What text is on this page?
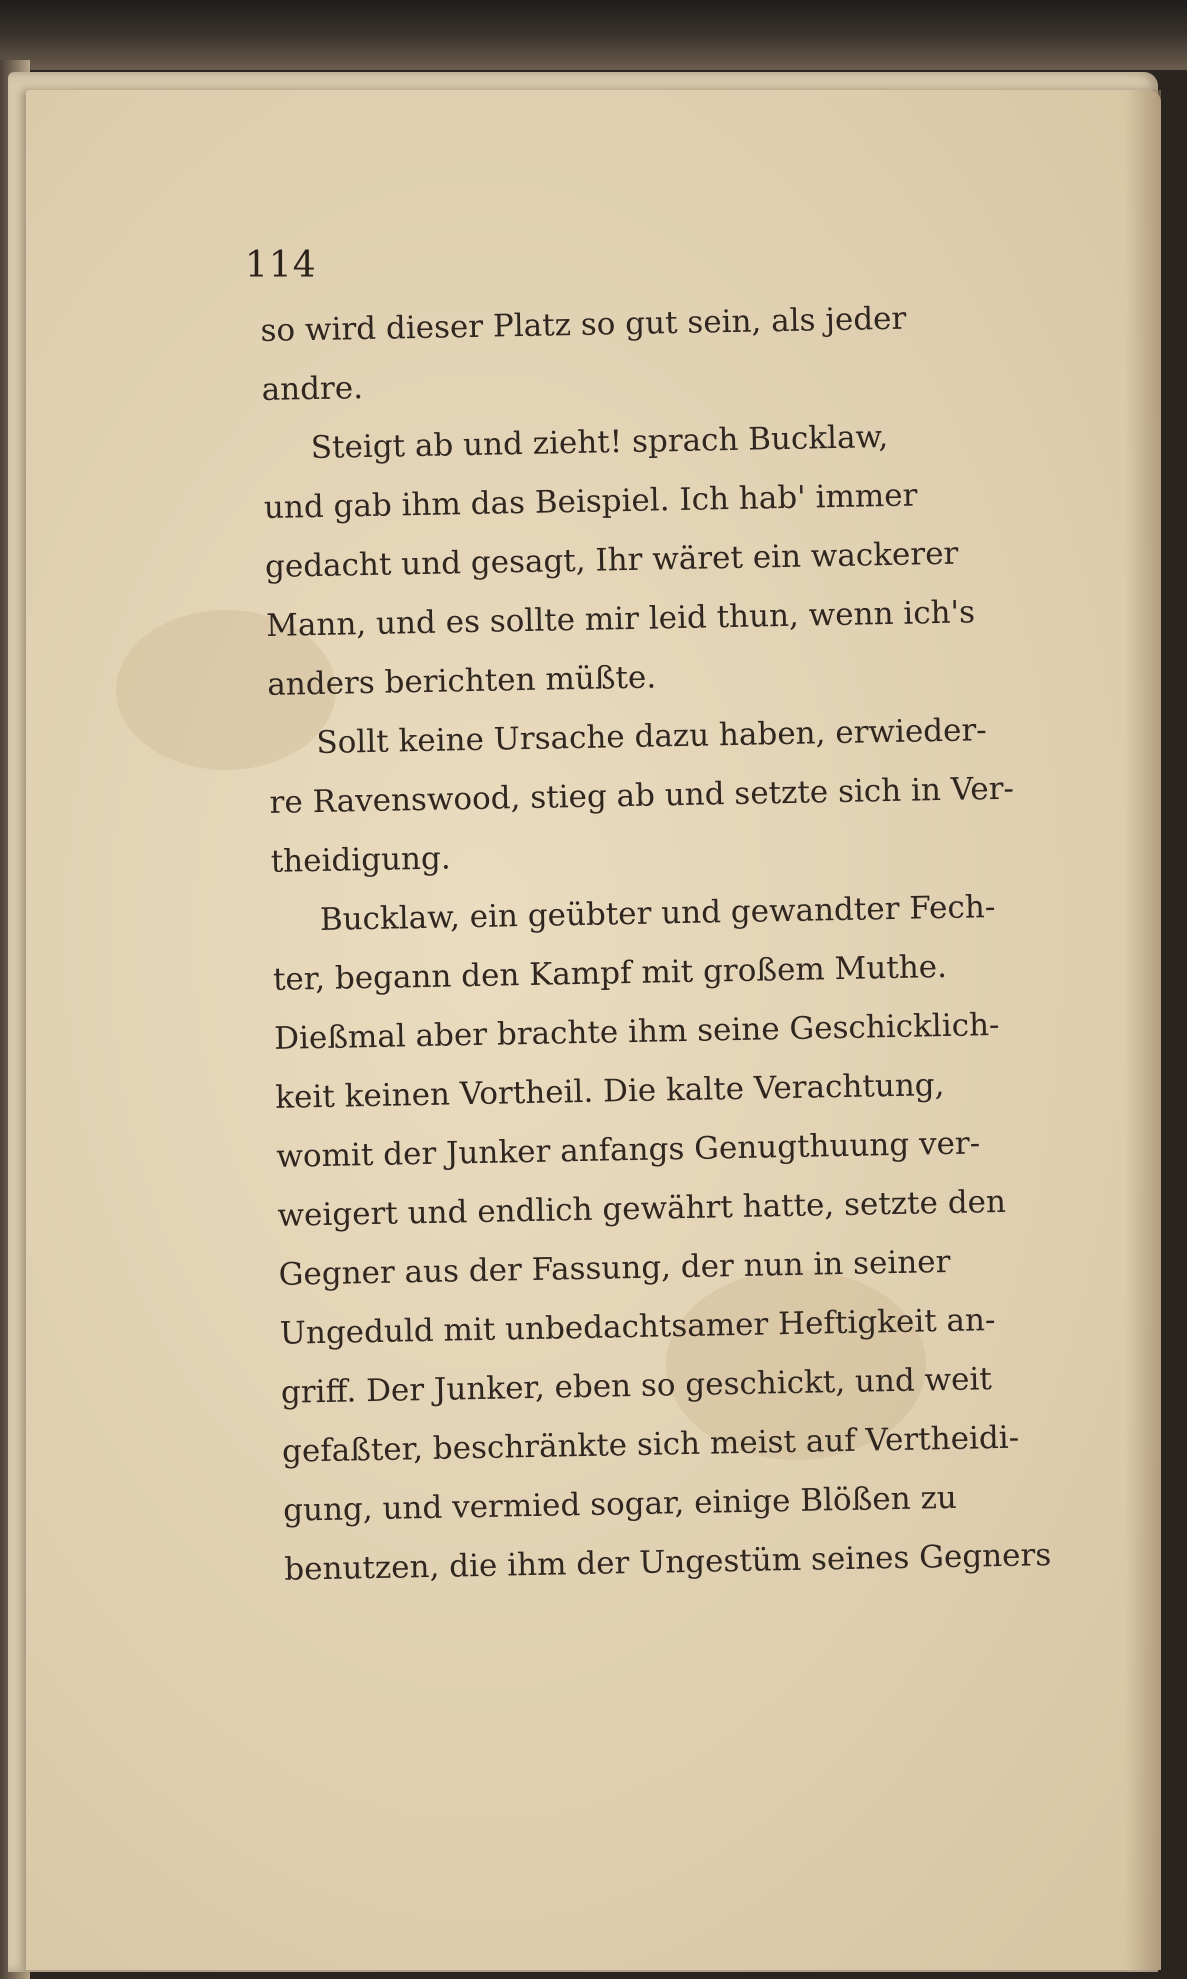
114

so wird dieser Platz so gut sein, als jeder

andre.

Steigt ab und zieht! sprach Bucklaw,

und gab ihm das Beispiel. Ich hab' immer

gedacht und gesagt, Ihr wäret ein wackerer

Mann, und es sollte mir leid thun, wenn ich's

anders berichten müßte.

Sollt keine Ursache dazu haben, erwieder-

re Ravenswood, stieg ab und setzte sich in Ver-

theidigung.

Bucklaw, ein geübter und gewandter Fech-

ter, begann den Kampf mit großem Muthe.

Dießmal aber brachte ihm seine Geschicklich-

keit keinen Vortheil. Die kalte Verachtung,

womit der Junker anfangs Genugthuung ver-

weigert und endlich gewährt hatte, setzte den

Gegner aus der Fassung, der nun in seiner

Ungeduld mit unbedachtsamer Heftigkeit an-

griff. Der Junker, eben so geschickt, und weit

gefaßter, beschränkte sich meist auf Vertheidi-

gung, und vermied sogar, einige Blößen zu

benutzen, die ihm der Ungestüm seines Gegners
